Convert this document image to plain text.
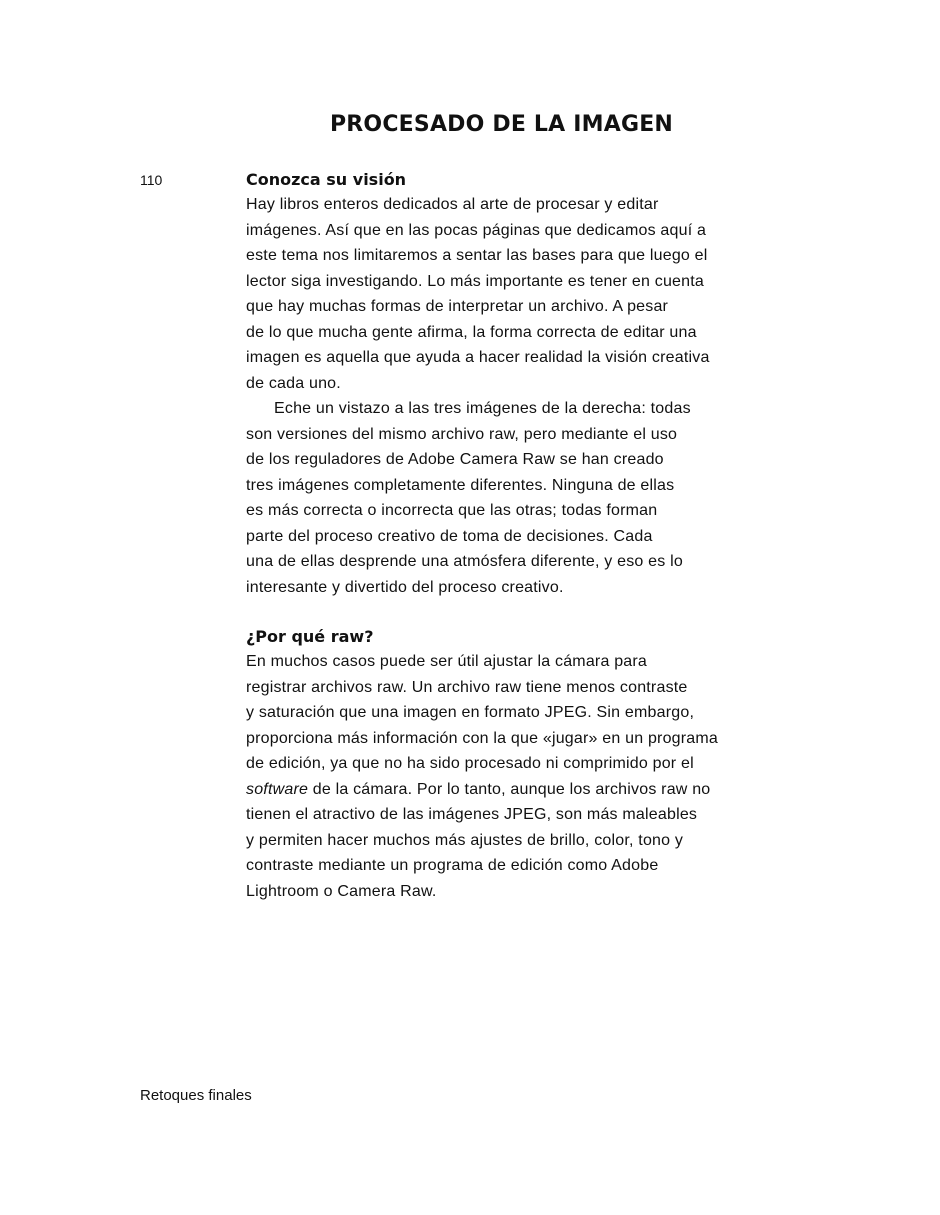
PROCESADO DE LA IMAGEN

110	Conozca su visión
Hay libros enteros dedicados al arte de procesar y editar
imágenes. Así que en las pocas páginas que dedicamos aquí a
este tema nos limitaremos a sentar las bases para que luego el
lector siga investigando. Lo más importante es tener en cuenta
que hay muchas formas de interpretar un archivo. A pesar
de lo que mucha gente afirma, la forma correcta de editar una
imagen es aquella que ayuda a hacer realidad la visión creativa
de cada uno.
Eche un vistazo a las tres imágenes de la derecha: todas
son versiones del mismo archivo raw, pero mediante el uso
de los reguladores de Adobe Camera Raw se han creado
tres imágenes completamente diferentes. Ninguna de ellas
es más correcta o incorrecta que las otras; todas forman
parte del proceso creativo de toma de decisiones. Cada
una de ellas desprende una atmósfera diferente, y eso es lo
interesante y divertido del proceso creativo.
¿Por qué raw?
En muchos casos puede ser útil ajustar la cámara para
registrar archivos raw. Un archivo raw tiene menos contraste
y saturación que una imagen en formato JPEG. Sin embargo,
proporciona más información con la que «jugar» en un programa
de edición, ya que no ha sido procesado ni comprimido por el
software de la cámara. Por lo tanto, aunque los archivos raw no
tienen el atractivo de las imágenes JPEG, son más maleables
y permiten hacer muchos más ajustes de brillo, color, tono y
contraste mediante un programa de edición como Adobe
Lightroom o Camera Raw.

Retoques finales
